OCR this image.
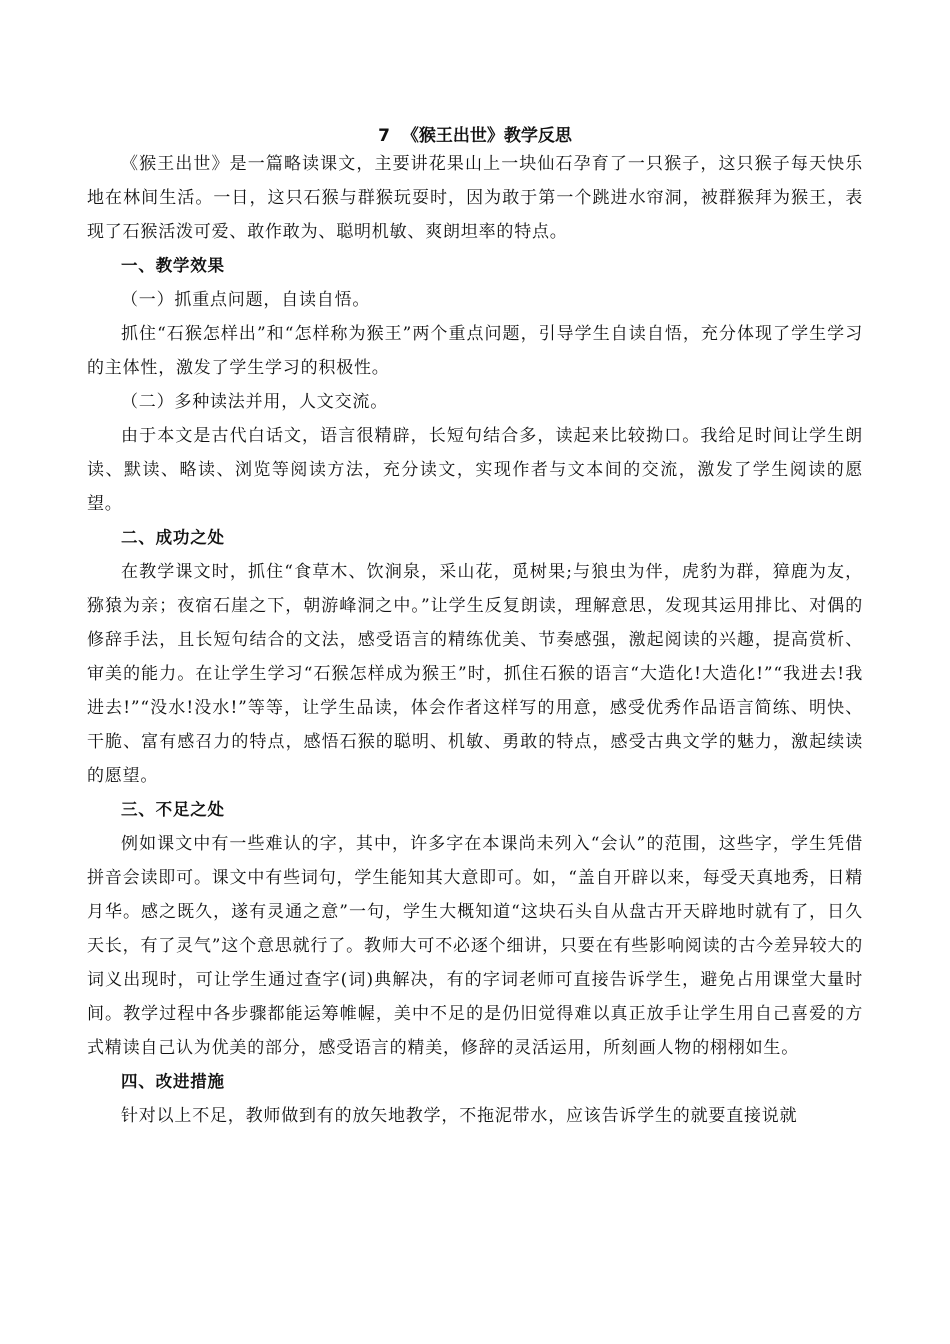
7  《猴王出世》教学反思

《猴王出世》是一篇略读课文，主要讲花果山上一块仙石孕育了一只猴子，这只猴子每天快乐地在林间生活。一日，这只石猴与群猴玩耍时，因为敢于第一个跳进水帘洞，被群猴拜为猴王，表现了石猴活泼可爱、敢作敢为、聪明机敏、爽朗坦率的特点。

一、教学效果

（一）抓重点问题，自读自悟。

抓住“石猴怎样出”和“怎样称为猴王”两个重点问题，引导学生自读自悟，充分体现了学生学习的主体性，激发了学生学习的积极性。

（二）多种读法并用，人文交流。

由于本文是古代白话文，语言很精辟，长短句结合多，读起来比较拗口。我给足时间让学生朗读、默读、略读、浏览等阅读方法，充分读文，实现作者与文本间的交流，激发了学生阅读的愿望。

二、成功之处

在教学课文时，抓住“食草木、饮涧泉，采山花，觅树果;与狼虫为伴，虎豹为群，獐鹿为友，猕猿为亲；夜宿石崖之下，朝游峰洞之中。”让学生反复朗读，理解意思，发现其运用排比、对偶的修辞手法，且长短句结合的文法，感受语言的精练优美、节奏感强，激起阅读的兴趣，提高赏析、审美的能力。在让学生学习“石猴怎样成为猴王”时，抓住石猴的语言“大造化!大造化!”“我进去!我进去!”“没水!没水!”等等，让学生品读，体会作者这样写的用意，感受优秀作品语言简练、明快、干脆、富有感召力的特点，感悟石猴的聪明、机敏、勇敢的特点，感受古典文学的魅力，激起续读的愿望。

三、不足之处

例如课文中有一些难认的字，其中，许多字在本课尚未列入“会认”的范围，这些字，学生凭借拼音会读即可。课文中有些词句，学生能知其大意即可。如，“盖自开辟以来，每受天真地秀，日精月华。感之既久，遂有灵通之意”一句，学生大概知道“这块石头自从盘古开天辟地时就有了，日久天长，有了灵气”这个意思就行了。教师大可不必逐个细讲，只要在有些影响阅读的古今差异较大的词义出现时，可让学生通过查字(词)典解决，有的字词老师可直接告诉学生，避免占用课堂大量时间。教学过程中各步骤都能运筹帷幄，美中不足的是仍旧觉得难以真正放手让学生用自己喜爱的方式精读自己认为优美的部分，感受语言的精美，修辞的灵活运用，所刻画人物的栩栩如生。

四、改进措施

针对以上不足，教师做到有的放矢地教学，不拖泥带水，应该告诉学生的就要直接说就
